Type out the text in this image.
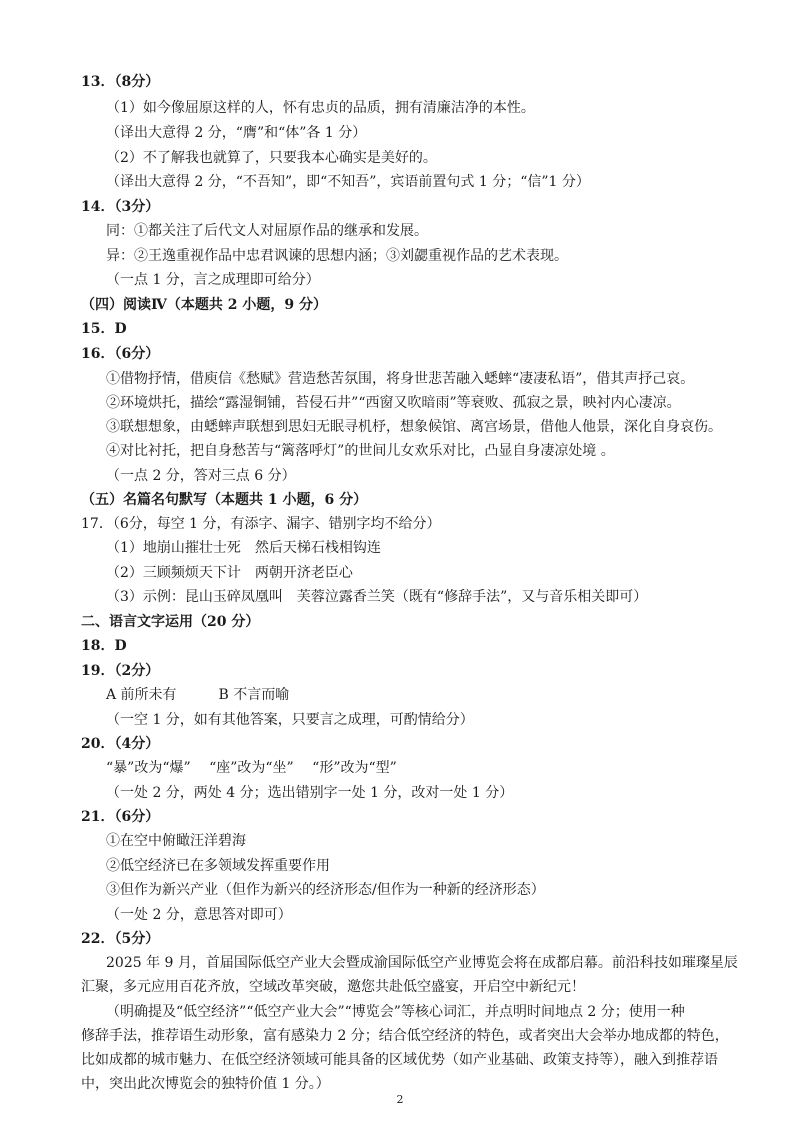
13．（8分）
（1）如今像屈原这样的人，怀有忠贞的品质，拥有清廉洁净的本性。
（译出大意得 2 分，“膺”和“体”各 1 分）
（2）不了解我也就算了，只要我本心确实是美好的。
（译出大意得 2 分，“不吾知”，即“不知吾”，宾语前置句式 1 分；“信”1 分）
14．（3分）
同：①都关注了后代文人对屈原作品的继承和发展。
异：②王逸重视作品中忠君讽谏的思想内涵；③刘勰重视作品的艺术表现。
（一点 1 分，言之成理即可给分）
（四）阅读Ⅳ（本题共 2 小题，9 分）
15．D
16．（6分）
①借物抒情，借庾信《愁赋》营造愁苦氛围，将身世悲苦融入蟋蟀“凄凄私语”，借其声抒己哀。
②环境烘托，描绘“露湿铜铺，苔侵石井”“西窗又吹暗雨”等衰败、孤寂之景，映衬内心凄凉。
③联想想象，由蟋蟀声联想到思妇无眠寻机杼，想象候馆、离宫场景，借他人他景，深化自身哀伤。
④对比衬托，把自身愁苦与“篱落呼灯”的世间儿女欢乐对比，凸显自身凄凉处境 。
（一点 2 分，答对三点 6 分）
（五）名篇名句默写（本题共 1 小题，6 分）
17．（6分，每空 1 分，有添字、漏字、错别字均不给分）
（1）地崩山摧壮士死　然后天梯石栈相钩连
（2）三顾频烦天下计　两朝开济老臣心
（3）示例：昆山玉碎凤凰叫　芙蓉泣露香兰笑（既有“修辞手法”，又与音乐相关即可）
二、语言文字运用（20 分）
18．D
19．（2分）
A 前所未有　　　B 不言而喻
（一空 1 分，如有其他答案，只要言之成理，可酌情给分）
20．（4分）
“暴”改为“爆”　 “座”改为“坐”　 “形”改为“型”
（一处 2 分，两处 4 分；选出错别字一处 1 分，改对一处 1 分）
21．（6分）
①在空中俯瞰汪洋碧海
②低空经济已在多领域发挥重要作用
③但作为新兴产业（但作为新兴的经济形态/但作为一种新的经济形态）
（一处 2 分，意思答对即可）
22．（5分）
2025 年 9 月，首届国际低空产业大会暨成渝国际低空产业博览会将在成都启幕。前沿科技如璀璨星辰
汇聚，多元应用百花齐放，空域改革突破，邀您共赴低空盛宴，开启空中新纪元！
（明确提及“低空经济”“低空产业大会”“博览会”等核心词汇，并点明时间地点 2 分；使用一种
修辞手法，推荐语生动形象，富有感染力 2 分；结合低空经济的特色，或者突出大会举办地成都的特色，
比如成都的城市魅力、在低空经济领域可能具备的区域优势（如产业基础、政策支持等），融入到推荐语
中，突出此次博览会的独特价值 1 分。）
2
